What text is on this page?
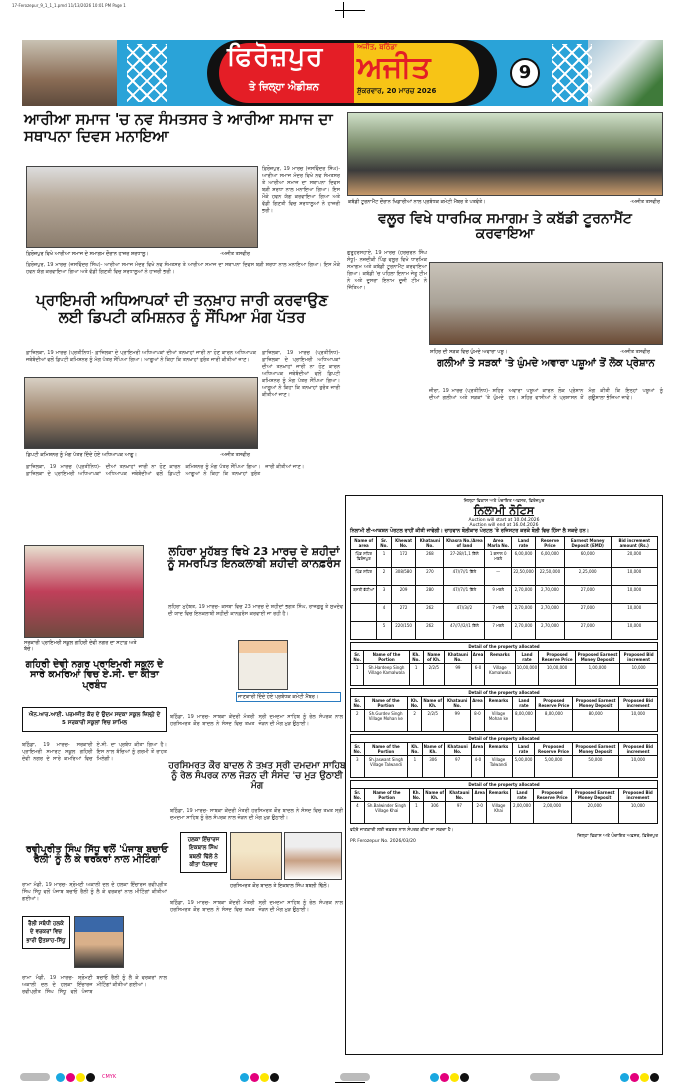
17-Ferozepur_9_1_1_1.pmd 11/13/2026 10:01 PM Page 1
ਫਿਰੋਜ਼ਪੁਰ
ਤੇ ਜ਼ਿਲ੍ਹਾ ਐਡੀਸ਼ਨ
ਅਜੀਤ, ਬਠਿੰਡਾ
ਅਜੀਤ
ਸ਼ੁੱਕਰਵਾਰ, 20 ਮਾਰਚ 2026
9
ਆਰੀਆ ਸਮਾਜ 'ਚ ਨਵ ਸੰਮਤਸਰ ਤੇ ਆਰੀਆ ਸਮਾਜ ਦਾ ਸਥਾਪਨਾ ਦਿਵਸ ਮਨਾਇਆ
ਫ਼ਿਰੋਜ਼ਪੁਰ, 19 ਮਾਰਚ (ਜਸਵਿੰਦਰ ਸਿੰਘ)- ਆਰੀਆ ਸਮਾਜ ਮੰਦਰ ਵਿਖੇ ਨਵ ਸੰਮਤਸਰ ਤੇ ਆਰੀਆ ਸਮਾਜ ਦਾ ਸਥਾਪਨਾ ਦਿਵਸ ਬੜੀ ਸ਼ਰਧਾ ਨਾਲ ਮਨਾਇਆ ਗਿਆ। ਇਸ ਮੌਕੇ ਹਵਨ ਯੱਗ ਕਰਵਾਇਆ ਗਿਆ ਅਤੇ ਵੱਡੀ ਗਿਣਤੀ ਵਿਚ ਸ਼ਰਧਾਲੂਆਂ ਨੇ ਹਾਜ਼ਰੀ ਭਰੀ।
ਫ਼ਿਰੋਜ਼ਪੁਰ ਵਿਖੇ ਆਰੀਆ ਸਮਾਜ ਦੇ ਸਮਾਗਮ ਦੌਰਾਨ ਹਾਜ਼ਰ ਸ਼ਰਧਾਲੂ।	-ਅਜੀਤ ਤਸਵੀਰ
ਫ਼ਿਰੋਜ਼ਪੁਰ, 19 ਮਾਰਚ (ਜਸਵਿੰਦਰ ਸਿੰਘ)- ਆਰੀਆ ਸਮਾਜ ਮੰਦਰ ਵਿਖੇ ਨਵ ਸੰਮਤਸਰ ਤੇ ਆਰੀਆ ਸਮਾਜ ਦਾ ਸਥਾਪਨਾ ਦਿਵਸ ਬੜੀ ਸ਼ਰਧਾ ਨਾਲ ਮਨਾਇਆ ਗਿਆ। ਇਸ ਮੌਕੇ ਹਵਨ ਯੱਗ ਕਰਵਾਇਆ ਗਿਆ ਅਤੇ ਵੱਡੀ ਗਿਣਤੀ ਵਿਚ ਸ਼ਰਧਾਲੂਆਂ ਨੇ ਹਾਜ਼ਰੀ ਭਰੀ।
ਪ੍ਰਾਇਮਰੀ ਅਧਿਆਪਕਾਂ ਦੀ ਤਨਖ਼ਾਹ ਜਾਰੀ ਕਰਵਾਉਣ ਲਈ ਡਿਪਟੀ ਕਮਿਸ਼ਨਰ ਨੂੰ ਸੌਂਪਿਆ ਮੰਗ ਪੱਤਰ
ਫ਼ਾਜ਼ਿਲਕਾ, 19 ਮਾਰਚ (ਪ੍ਰਤੀਨਿਧ)- ਫ਼ਾਜ਼ਿਲਕਾ ਦੇ ਪ੍ਰਾਇਮਰੀ ਅਧਿਆਪਕਾਂ ਦੀਆਂ ਤਨਖ਼ਾਹਾਂ ਜਾਰੀ ਨਾ ਹੋਣ ਕਾਰਨ ਅਧਿਆਪਕ ਜਥੇਬੰਦੀਆਂ ਵਲੋਂ ਡਿਪਟੀ ਕਮਿਸ਼ਨਰ ਨੂੰ ਮੰਗ ਪੱਤਰ ਸੌਂਪਿਆ ਗਿਆ। ਆਗੂਆਂ ਨੇ ਕਿਹਾ ਕਿ ਤਨਖ਼ਾਹਾਂ ਤੁਰੰਤ ਜਾਰੀ ਕੀਤੀਆਂ ਜਾਣ।
ਫ਼ਾਜ਼ਿਲਕਾ, 19 ਮਾਰਚ (ਪ੍ਰਤੀਨਿਧ)- ਫ਼ਾਜ਼ਿਲਕਾ ਦੇ ਪ੍ਰਾਇਮਰੀ ਅਧਿਆਪਕਾਂ ਦੀਆਂ ਤਨਖ਼ਾਹਾਂ ਜਾਰੀ ਨਾ ਹੋਣ ਕਾਰਨ ਅਧਿਆਪਕ ਜਥੇਬੰਦੀਆਂ ਵਲੋਂ ਡਿਪਟੀ ਕਮਿਸ਼ਨਰ ਨੂੰ ਮੰਗ ਪੱਤਰ ਸੌਂਪਿਆ ਗਿਆ। ਆਗੂਆਂ ਨੇ ਕਿਹਾ ਕਿ ਤਨਖ਼ਾਹਾਂ ਤੁਰੰਤ ਜਾਰੀ ਕੀਤੀਆਂ ਜਾਣ।
ਡਿਪਟੀ ਕਮਿਸ਼ਨਰ ਨੂੰ ਮੰਗ ਪੱਤਰ ਦਿੰਦੇ ਹੋਏ ਅਧਿਆਪਕ ਆਗੂ।	-ਅਜੀਤ ਤਸਵੀਰ
ਫ਼ਾਜ਼ਿਲਕਾ, 19 ਮਾਰਚ (ਪ੍ਰਤੀਨਿਧ)- ਫ਼ਾਜ਼ਿਲਕਾ ਦੇ ਪ੍ਰਾਇਮਰੀ ਅਧਿਆਪਕਾਂ ਦੀਆਂ ਤਨਖ਼ਾਹਾਂ ਜਾਰੀ ਨਾ ਹੋਣ ਕਾਰਨ ਅਧਿਆਪਕ ਜਥੇਬੰਦੀਆਂ ਵਲੋਂ ਡਿਪਟੀ ਕਮਿਸ਼ਨਰ ਨੂੰ ਮੰਗ ਪੱਤਰ ਸੌਂਪਿਆ ਗਿਆ। ਆਗੂਆਂ ਨੇ ਕਿਹਾ ਕਿ ਤਨਖ਼ਾਹਾਂ ਤੁਰੰਤ ਜਾਰੀ ਕੀਤੀਆਂ ਜਾਣ।
ਕਬੱਡੀ ਟੂਰਨਾਮੈਂਟ ਦੌਰਾਨ ਖਿਡਾਰੀਆਂ ਨਾਲ ਪ੍ਰਬੰਧਕ ਕਮੇਟੀ ਮੈਂਬਰ ਤੇ ਪਤਵੰਤੇ।	-ਅਜੀਤ ਤਸਵੀਰ
ਵਲੂਰ ਵਿਖੇ ਧਾਰਮਿਕ ਸਮਾਗਮ ਤੇ ਕਬੱਡੀ ਟੂਰਨਾਮੈਂਟ ਕਰਵਾਇਆ
ਗੁਰੂਹਰਸਹਾਏ, 19 ਮਾਰਚ (ਹਰਚਰਨ ਸਿੰਘ ਸੰਧੂ)- ਨਜ਼ਦੀਕੀ ਪਿੰਡ ਵਲੂਰ ਵਿਖੇ ਧਾਰਮਿਕ ਸਮਾਗਮ ਅਤੇ ਕਬੱਡੀ ਟੂਰਨਾਮੈਂਟ ਕਰਵਾਇਆ ਗਿਆ। ਕਬੱਡੀ 'ਚ ਪਹਿਲਾ ਇਨਾਮ ਜੇਤੂ ਟੀਮ ਨੇ ਅਤੇ ਦੂਸਰਾ ਇਨਾਮ ਦੂਜੀ ਟੀਮ ਨੇ ਜਿੱਤਿਆ।
ਸ਼ਹਿਰ ਦੀ ਸੜਕ ਵਿਚ ਘੁੰਮਦੇ ਅਵਾਰਾ ਪਸ਼ੂ।	-ਅਜੀਤ ਤਸਵੀਰ
ਗਲੀਆਂ ਤੇ ਸੜਕਾਂ 'ਤੇ ਘੁੰਮਦੇ ਅਵਾਰਾ ਪਸ਼ੂਆਂ ਤੋਂ ਲੋਕ ਪ੍ਰੇਸ਼ਾਨ
ਜ਼ੀਰਾ, 19 ਮਾਰਚ (ਪ੍ਰਤੀਨਿਧ)- ਸ਼ਹਿਰ ਦੀਆਂ ਗਲੀਆਂ ਅਤੇ ਸੜਕਾਂ 'ਤੇ ਘੁੰਮਦੇ ਅਵਾਰਾ ਪਸ਼ੂਆਂ ਕਾਰਨ ਲੋਕ ਪ੍ਰੇਸ਼ਾਨ ਹਨ। ਸ਼ਹਿਰ ਵਾਸੀਆਂ ਨੇ ਪ੍ਰਸ਼ਾਸਨ ਤੋਂ ਮੰਗ ਕੀਤੀ ਕਿ ਇਨ੍ਹਾਂ ਪਸ਼ੂਆਂ ਨੂੰ ਗਊਸ਼ਾਲਾ ਭੇਜਿਆ ਜਾਵੇ।
ਸਰਕਾਰੀ ਪ੍ਰਾਇਮਰੀ ਸਕੂਲ ਗਹਿਰੀ ਦੇਵੀ ਨਗਰ ਦਾ ਸਟਾਫ਼ ਅਤੇ ਬੱਚੇ।
ਲਹਿਰਾ ਮੁਹੱਬਤ ਵਿਖੇ 23 ਮਾਰਚ ਦੇ ਸ਼ਹੀਦਾਂ ਨੂੰ ਸਮਰਪਿਤ ਇਨਕਲਾਬੀ ਸ਼ਹੀਦੀ ਕਾਨਫ਼ਰੰਸ
ਲਹਿਰਾ ਮੁਹੱਬਤ, 19 ਮਾਰਚ- ਕਸਬਾ ਵਿਚ 23 ਮਾਰਚ ਦੇ ਸ਼ਹੀਦਾਂ ਭਗਤ ਸਿੰਘ, ਰਾਜਗੁਰੂ ਤੇ ਸੁਖਦੇਵ ਦੀ ਯਾਦ ਵਿਚ ਇਨਕਲਾਬੀ ਸ਼ਹੀਦੀ ਕਾਨਫ਼ਰੰਸ ਕਰਵਾਈ ਜਾ ਰਹੀ ਹੈ।
ਜਾਣਕਾਰੀ ਦਿੰਦੇ ਹੋਏ ਪ੍ਰਬੰਧਕ ਕਮੇਟੀ ਮੈਂਬਰ।
ਗਹਿਰੀ ਦੇਵੀ ਨਗਰ ਪ੍ਰਾਇਮਰੀ ਸਕੂਲ ਦੇ ਸਾਰੇ ਕਮਰਿਆਂ ਵਿਚ ਏ.ਸੀ. ਦਾ ਕੀਤਾ ਪ੍ਰਬੰਧ
ਐਨ.ਆਰ.ਆਈ. ਪਰਮਜੀਤ ਕੌਰ ਦੇ ਉਦਮ ਸਦਕਾ ਸਕੂਲ ਜ਼ਿਲ੍ਹੇ ਦੇ 5 ਸਰਕਾਰੀ ਸਕੂਲਾਂ ਵਿਚ ਸ਼ਾਮਿਲ
ਬਠਿੰਡਾ, 19 ਮਾਰਚ- ਸਰਕਾਰੀ ਪ੍ਰਾਇਮਰੀ ਸਮਾਰਟ ਸਕੂਲ ਗਹਿਰੀ ਦੇਵੀ ਨਗਰ ਦੇ ਸਾਰੇ ਕਮਰਿਆਂ ਵਿਚ ਏ.ਸੀ. ਦਾ ਪ੍ਰਬੰਧ ਕੀਤਾ ਗਿਆ ਹੈ। ਇਸ ਨਾਲ ਬੱਚਿਆਂ ਨੂੰ ਗਰਮੀ ਤੋਂ ਰਾਹਤ ਮਿਲੇਗੀ।
ਬਠਿੰਡਾ, 19 ਮਾਰਚ- ਸਾਬਕਾ ਕੇਂਦਰੀ ਮੰਤਰੀ ਹਰਸਿਮਰਤ ਕੌਰ ਬਾਦਲ ਨੇ ਸੰਸਦ ਵਿਚ ਤਖ਼ਤ ਸ੍ਰੀ ਦਮਦਮਾ ਸਾਹਿਬ ਨੂੰ ਰੇਲ ਸੰਪਰਕ ਨਾਲ ਜੋੜਨ ਦੀ ਮੰਗ ਮੁੜ ਉਠਾਈ।
ਹਰਸਿਮਰਤ ਕੌਰ ਬਾਦਲ ਨੇ ਤਖ਼ਤ ਸ੍ਰੀ ਦਮਦਮਾ ਸਾਹਿਬ ਨੂੰ ਰੇਲ ਸੰਪਰਕ ਨਾਲ ਜੋੜਨ ਦੀ ਸੰਸਦ 'ਚ ਮੁੜ ਉਠਾਈ ਮੰਗ
ਬਠਿੰਡਾ, 19 ਮਾਰਚ- ਸਾਬਕਾ ਕੇਂਦਰੀ ਮੰਤਰੀ ਹਰਸਿਮਰਤ ਕੌਰ ਬਾਦਲ ਨੇ ਸੰਸਦ ਵਿਚ ਤਖ਼ਤ ਸ੍ਰੀ ਦਮਦਮਾ ਸਾਹਿਬ ਨੂੰ ਰੇਲ ਸੰਪਰਕ ਨਾਲ ਜੋੜਨ ਦੀ ਮੰਗ ਮੁੜ ਉਠਾਈ।
ਹਲਕਾ ਇੰਚਾਰਜ ਇਕਬਾਲ ਸਿੰਘ ਬਬਲੀ ਢਿੱਲੋਂ ਨੇ ਕੀਤਾ ਧੰਨਵਾਦ
ਹਰਸਿਮਰਤ ਕੌਰ ਬਾਦਲ ਤੇ ਇਕਬਾਲ ਸਿੰਘ ਬਬਲੀ ਢਿੱਲੋਂ।
ਬਠਿੰਡਾ, 19 ਮਾਰਚ- ਸਾਬਕਾ ਕੇਂਦਰੀ ਮੰਤਰੀ ਹਰਸਿਮਰਤ ਕੌਰ ਬਾਦਲ ਨੇ ਸੰਸਦ ਵਿਚ ਤਖ਼ਤ ਸ੍ਰੀ ਦਮਦਮਾ ਸਾਹਿਬ ਨੂੰ ਰੇਲ ਸੰਪਰਕ ਨਾਲ ਜੋੜਨ ਦੀ ਮੰਗ ਮੁੜ ਉਠਾਈ।
ਰਵੀਪ੍ਰੀਤ ਸਿੰਘ ਸਿੱਧੂ ਵਲੋਂ 'ਪੰਜਾਬ ਬਚਾਓ ਰੈਲੀ' ਨੂੰ ਲੈ ਕੇ ਵਰਕਰਾਂ ਨਾਲ ਮੀਟਿੰਗਾਂ
ਰਾਮਾ ਮੰਡੀ, 19 ਮਾਰਚ- ਸ਼੍ਰੋਮਣੀ ਅਕਾਲੀ ਦਲ ਦੇ ਹਲਕਾ ਇੰਚਾਰਜ ਰਵੀਪ੍ਰੀਤ ਸਿੰਘ ਸਿੱਧੂ ਵਲੋਂ ਪੰਜਾਬ ਬਚਾਓ ਰੈਲੀ ਨੂੰ ਲੈ ਕੇ ਵਰਕਰਾਂ ਨਾਲ ਮੀਟਿੰਗਾਂ ਕੀਤੀਆਂ ਗਈਆਂ।
ਰੈਲੀ ਸਬੰਧੀ ਹਲਕੇ ਦੇ ਵਰਕਰਾਂ ਵਿਚ ਭਾਰੀ ਉਤਸ਼ਾਹ-ਸਿੱਧੂ
ਰਾਮਾ ਮੰਡੀ, 19 ਮਾਰਚ- ਸ਼੍ਰੋਮਣੀ ਅਕਾਲੀ ਦਲ ਦੇ ਹਲਕਾ ਇੰਚਾਰਜ ਰਵੀਪ੍ਰੀਤ ਸਿੰਘ ਸਿੱਧੂ ਵਲੋਂ ਪੰਜਾਬ ਬਚਾਓ ਰੈਲੀ ਨੂੰ ਲੈ ਕੇ ਵਰਕਰਾਂ ਨਾਲ ਮੀਟਿੰਗਾਂ ਕੀਤੀਆਂ ਗਈਆਂ।
ਜ਼ਿਲ੍ਹਾ ਵਿਕਾਸ ਅਤੇ ਪੰਚਾਇਤ ਅਫ਼ਸਰ, ਫ਼ਿਰੋਜ਼ਪੁਰ
ਨਿਲਾਮੀ ਨੋਟਿਸ
Auction will start at 10.04.2026
Auction will end at 16.04.2026
ਨਿਲਾਮੀ ਈ-ਆਕਸ਼ਨ ਪੋਰਟਲ ਰਾਹੀਂ ਕੀਤੀ ਜਾਵੇਗੀ। ਚਾਹਵਾਨ ਬੋਲੀਕਾਰ ਪੋਰਟਲ 'ਤੇ ਰਜਿਸਟਰ ਕਰਕੇ ਬੋਲੀ ਵਿਚ ਹਿੱਸਾ ਲੈ ਸਕਦੇ ਹਨ।
Name of area	Sr. No.	Khewat No.	Khatauni No.	Khasra No./Area of land	Area Marla No.	Land rate	Reserve Price	Earnest Money Deposit (EMD)	Bid increment amount (Rs.)
ਪਿੰਡ ਸ਼ਹਿਰ ਫ਼ਿਰੋਜ਼ਪੁਰ	1	172	268	27-28//1,1 ਕਿੱਲੇ	1 ਕਨਾਲ 0 ਮਰਲੇ	6,00,000	6,00,000	60,000	20,000
ਪਿੰਡ ਸ਼ਹਿਰ	2	308/580	270	47//7//1 ਕਿੱਲੇ	—	22,50,000	22,50,000	2,25,000	10,000
ਬਸਤੀ ਭੱਟੀਆਂ	3	209	280	47//7//1 ਕਿੱਲੇ	9 ਮਰਲੇ	2,70,000	2,70,000	27,000	10,000
	4	272	262	47//3//2	7 ਮਰਲੇ	2,70,000	2,70,000	27,000	10,000
	5	220/150	262	47//7//2//1 ਕਿੱਲੇ	7 ਮਰਲੇ	2,70,000	2,70,000	27,000	10,000
Detail of the property allocated										
Sr. No.	Name of the Portion	Kh. No.	Name of Kh.	Khatauni No.	Area	Remarks	Land rate	Proposed Reserve Price	Proposed Earnest Money Deposit	Proposed Bid increment
1	Sh.Hardeep Singh Village Kamalwala	1	2/2/5	99	6-0	Village Kamalwala	10,00,000	10,00,000	1,00,000	10,000
Detail of the property allocated										
Sr. No.	Name of the Portion	Kh. No.	Name of Kh.	Khatauni No.	Area	Remarks	Land rate	Proposed Reserve Price	Proposed Earnest Money Deposit	Proposed Bid increment
2	Sh.Gurdev Singh Village Mohan ke	2	2/2/5	99	8-0	Village Mohan ke	8,00,000	8,00,000	80,000	10,000
Detail of the property allocated										
Sr. No.	Name of the Portion	Kh. No.	Name of Kh.	Khatauni No.	Area	Remarks	Land rate	Proposed Reserve Price	Proposed Earnest Money Deposit	Proposed Bid increment
3	Sh.Jaswant Singh Village Talwandi	1	306	97	4-0	Village Talwandi	5,00,000	5,00,000	50,000	10,000
Detail of the property allocated										
Sr. No.	Name of the Portion	Kh. No.	Name of Kh.	Khatauni No.	Area	Remarks	Land rate	Proposed Reserve Price	Proposed Earnest Money Deposit	Proposed Bid increment
4	Sh.Balwinder Singh Village Khai	1	306	97	2-0	Village Khai	2,00,000	2,00,000	20,000	10,000
ਵਧੇਰੇ ਜਾਣਕਾਰੀ ਲਈ ਦਫ਼ਤਰ ਨਾਲ ਸੰਪਰਕ ਕੀਤਾ ਜਾ ਸਕਦਾ ਹੈ।
ਜ਼ਿਲ੍ਹਾ ਵਿਕਾਸ ਅਤੇ ਪੰਚਾਇਤ ਅਫ਼ਸਰ, ਫ਼ਿਰੋਜ਼ਪੁਰ
PR Ferozepur No. 2026/03/20
CMYK
